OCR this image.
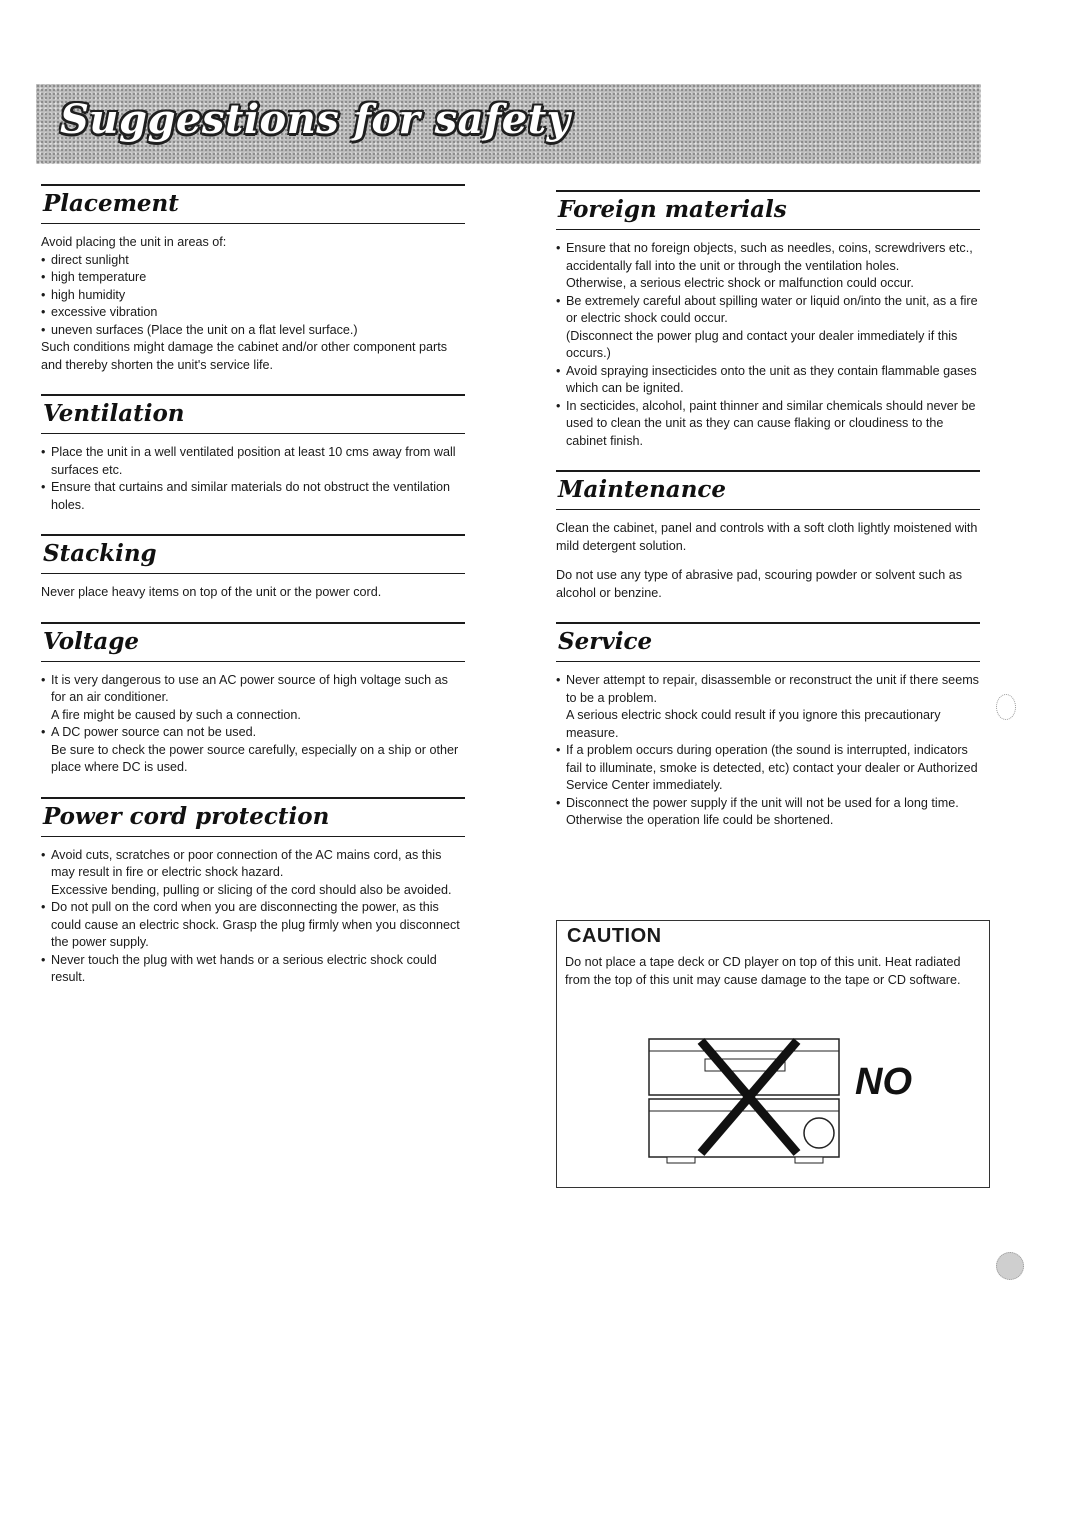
Suggestions for safety
Placement

Avoid placing the unit in areas of:

• direct sunlight
• high temperature
• high humidity
• excessive vibration
• uneven surfaces (Place the unit on a flat level surface.)

Such conditions might damage the cabinet and/or other component parts and thereby shorten the unit's service life.

Ventilation
• Place the unit in a well ventilated position at least 10 cms away from wall surfaces etc.
• Ensure that curtains and similar materials do not obstruct the ventilation holes.
Stacking

Never place heavy items on top of the unit or the power cord.

Voltage
• It is very dangerous to use an AC power source of high voltage such as for an air conditioner.
A fire might be caused by such a connection.
• A DC power source can not be used.
Be sure to check the power source carefully, especially on a ship or other place where DC is used.
Power cord protection
• Avoid cuts, scratches or poor connection of the AC mains cord, as this may result in fire or electric shock hazard.
Excessive bending, pulling or slicing of the cord should also be avoided.
• Do not pull on the cord when you are disconnecting the power, as this could cause an electric shock. Grasp the plug firmly when you disconnect the power supply.
• Never touch the plug with wet hands or a serious electric shock could result.
Foreign materials
• Ensure that no foreign objects, such as needles, coins, screwdrivers etc., accidentally fall into the unit or through the ventilation holes.
Otherwise, a serious electric shock or malfunction could occur.
• Be extremely careful about spilling water or liquid on/into the unit, as a fire or electric shock could occur.
(Disconnect the power plug and contact your dealer immediately if this occurs.)
• Avoid spraying insecticides onto the unit as they contain flammable gases which can be ignited.
• In secticides, alcohol, paint thinner and similar chemicals should never be used to clean the unit as they can cause flaking or cloudiness to the cabinet finish.
Maintenance

Clean the cabinet, panel and controls with a soft cloth lightly moistened with mild detergent solution.

Do not use any type of abrasive pad, scouring powder or solvent such as alcohol or benzine.

Service
• Never attempt to repair, disassemble or reconstruct the unit if there seems to be a problem.
A serious electric shock could result if you ignore this precautionary measure.
• If a problem occurs during operation (the sound is interrupted, indicators fail to illuminate, smoke is detected, etc) contact your dealer or Authorized Service Center immediately.
• Disconnect the power supply if the unit will not be used for a long time. Otherwise the operation life could be shortened.
CAUTION

Do not place a tape deck or CD player on top of this unit. Heat radiated from the top of this unit may cause damage to the tape or CD software.

NO
